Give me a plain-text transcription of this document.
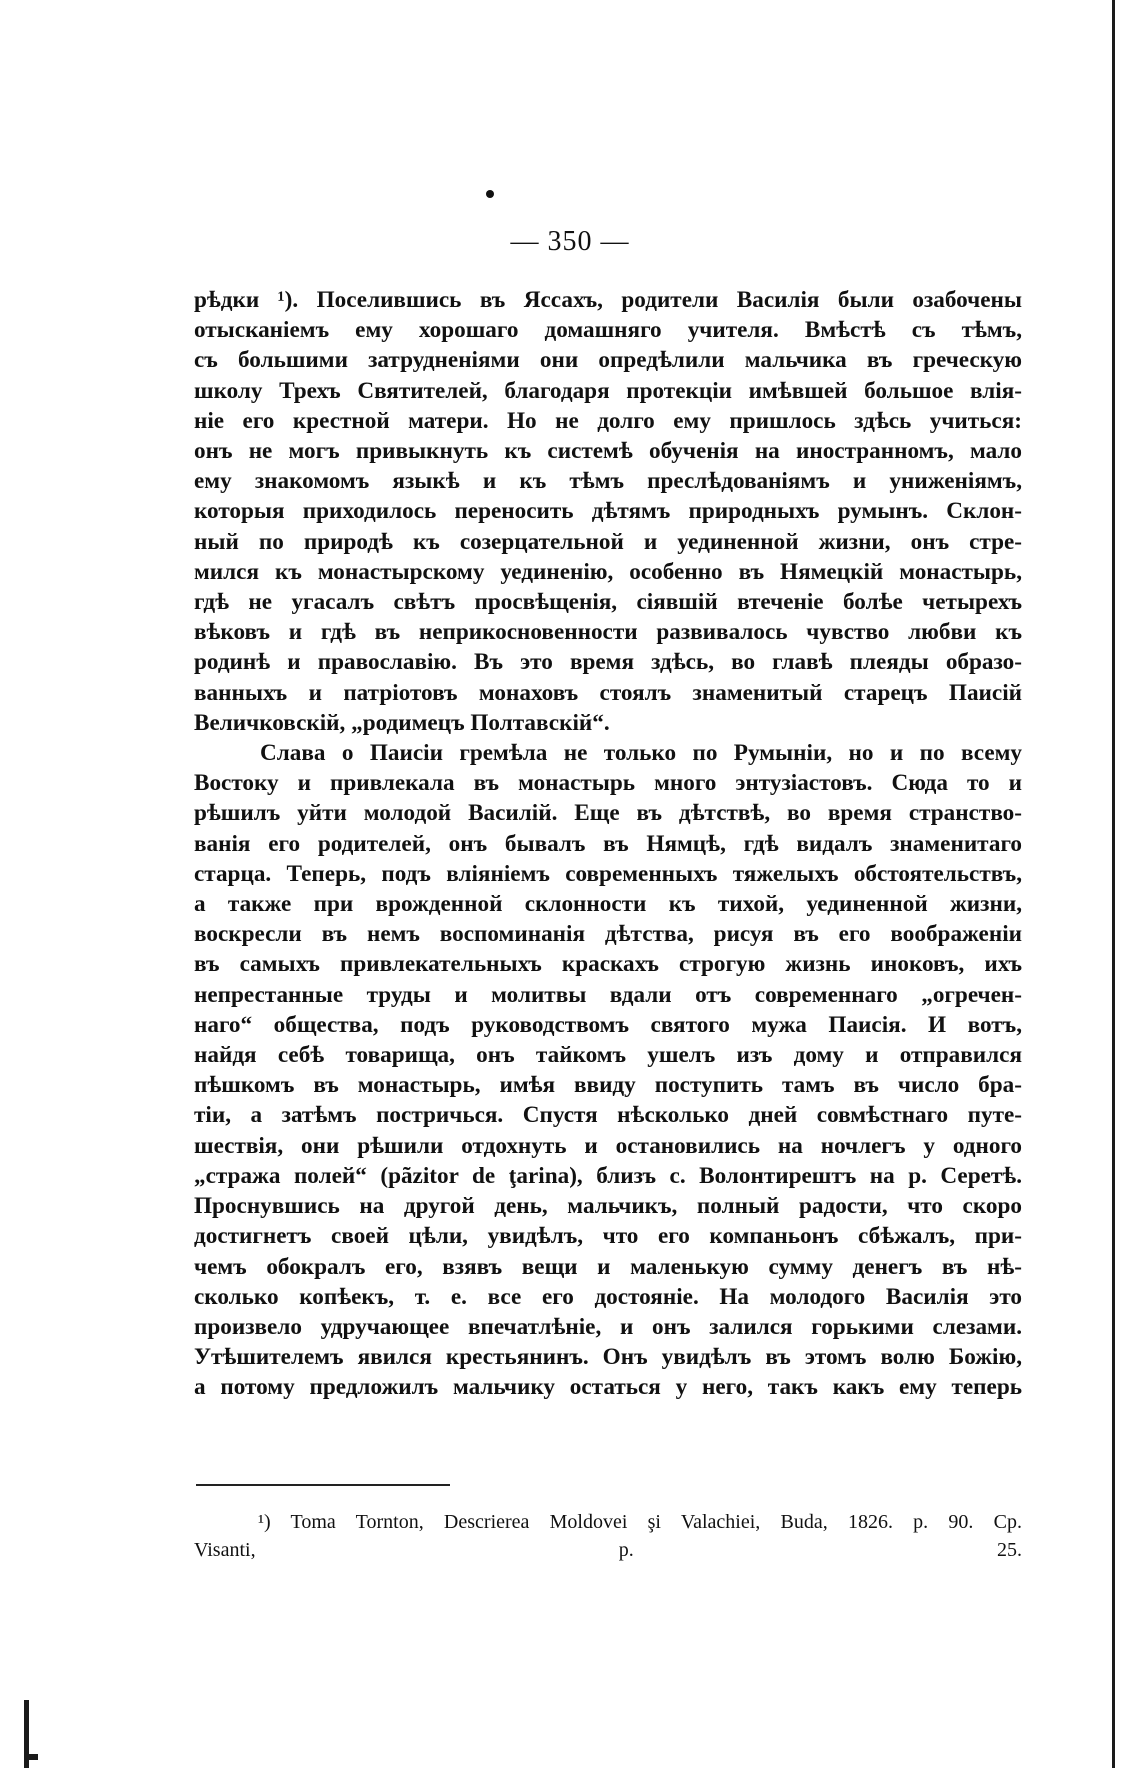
— 350 —

рѣдки ¹). Поселившись въ Яссахъ, родители Василія были озабочены
отысканіемъ ему хорошаго домашняго учителя. Вмѣстѣ съ тѣмъ,
съ большими затрудненіями они опредѣлили мальчика въ греческую
школу Трехъ Святителей, благодаря протекціи имѣвшей большое влія-
ніе его крестной матери. Но не долго ему пришлось здѣсь учиться:
онъ не могъ привыкнуть къ системѣ обученія на иностранномъ, мало
ему знакомомъ языкѣ и къ тѣмъ преслѣдованіямъ и униженіямъ,
которыя приходилось переносить дѣтямъ природныхъ румынъ. Склон-
ный по природѣ къ созерцательной и уединенной жизни, онъ стре-
мился къ монастырскому уединенію, особенно въ Нямецкій монастырь,
гдѣ не угасалъ свѣтъ просвѣщенія, сіявшій втеченіе болѣе четырехъ
вѣковъ и гдѣ въ неприкосновенности развивалось чувство любви къ
родинѣ и православію. Въ это время здѣсь, во главѣ плеяды образо-
ванныхъ и патріотовъ монаховъ стоялъ знаменитый старецъ Паисій
Величковскій, „родимецъ Полтавскій“.

Слава о Паисіи гремѣла не только по Румыніи, но и по всему
Востоку и привлекала въ монастырь много энтузіастовъ. Сюда то и
рѣшилъ уйти молодой Василій. Еще въ дѣтствѣ, во время странство-
ванія его родителей, онъ бывалъ въ Нямцѣ, гдѣ видалъ знаменитаго
старца. Теперь, подъ вліяніемъ современныхъ тяжелыхъ обстоятельствъ,
а также при врожденной склонности къ тихой, уединенной жизни,
воскресли въ немъ воспоминанія дѣтства, рисуя въ его воображеніи
въ самыхъ привлекательныхъ краскахъ строгую жизнь иноковъ, ихъ
непрестанные труды и молитвы вдали отъ современнаго „огречен-
наго“ общества, подъ руководствомъ святого мужа Паисія. И вотъ,
найдя себѣ товарища, онъ тайкомъ ушелъ изъ дому и отправился
пѣшкомъ въ монастырь, имѣя ввиду поступить тамъ въ число бра-
тіи, а затѣмъ постричься. Спустя нѣсколько дней совмѣстнаго путе-
шествія, они рѣшили отдохнуть и остановились на ночлегъ у одного
„стража полей“ (pãzitor de ţarina), близъ с. Волонтирештъ на р. Серетѣ.
Проснувшись на другой день, мальчикъ, полный радости, что скоро
достигнетъ своей цѣли, увидѣлъ, что его компаньонъ сбѣжалъ, при-
чемъ обокралъ его, взявъ вещи и маленькую сумму денегъ въ нѣ-
сколько копѣекъ, т. е. все его достояніе. На молодого Василія это
произвело удручающее впечатлѣніе, и онъ залился горькими слезами.
Утѣшителемъ явился крестьянинъ. Онъ увидѣлъ въ этомъ волю Божію,
а потому предложилъ мальчику остаться у него, такъ какъ ему теперь

¹) Toma Tornton, Descrierea Moldovei şi Valachiei, Buda, 1826. p. 90. Cp.
Visanti, p. 25.
